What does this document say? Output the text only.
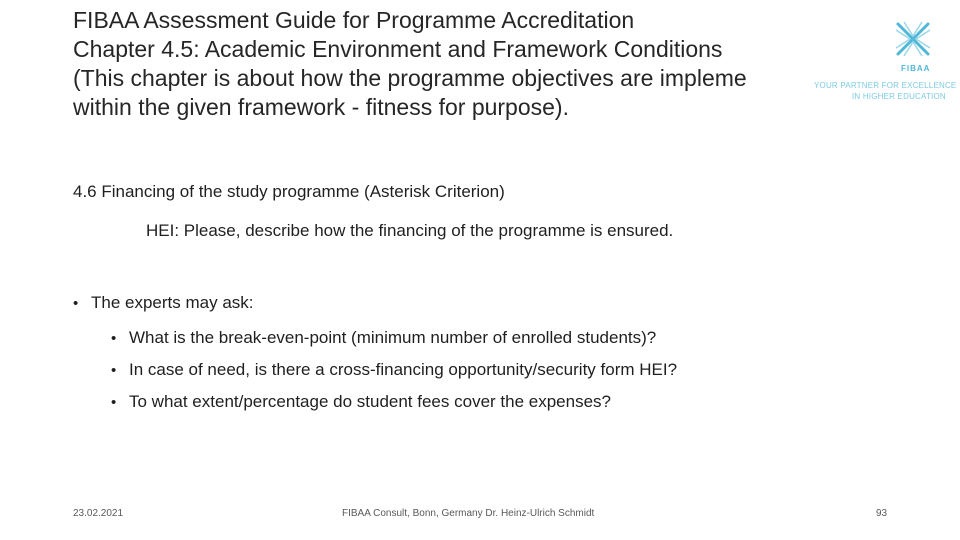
FIBAA Assessment Guide for Programme Accreditation
Chapter 4.5: Academic Environment and Framework Conditions
(This chapter is about how the programme objectives are impleme
within the given framework - fitness for purpose).
FIBAA
YOUR PARTNER FOR EXCELLENCE
IN HIGHER EDUCATION
4.6 Financing of the study programme (Asterisk Criterion)
HEI: Please, describe how the financing of the programme is ensured.
• The experts may ask:
• What is the break-even-point (minimum number of enrolled students)?
• In case of need, is there a cross-financing opportunity/security form HEI?
• To what extent/percentage do student fees cover the expenses?
23.02.2021	FIBAA Consult, Bonn, Germany Dr. Heinz-Ulrich Schmidt	93
